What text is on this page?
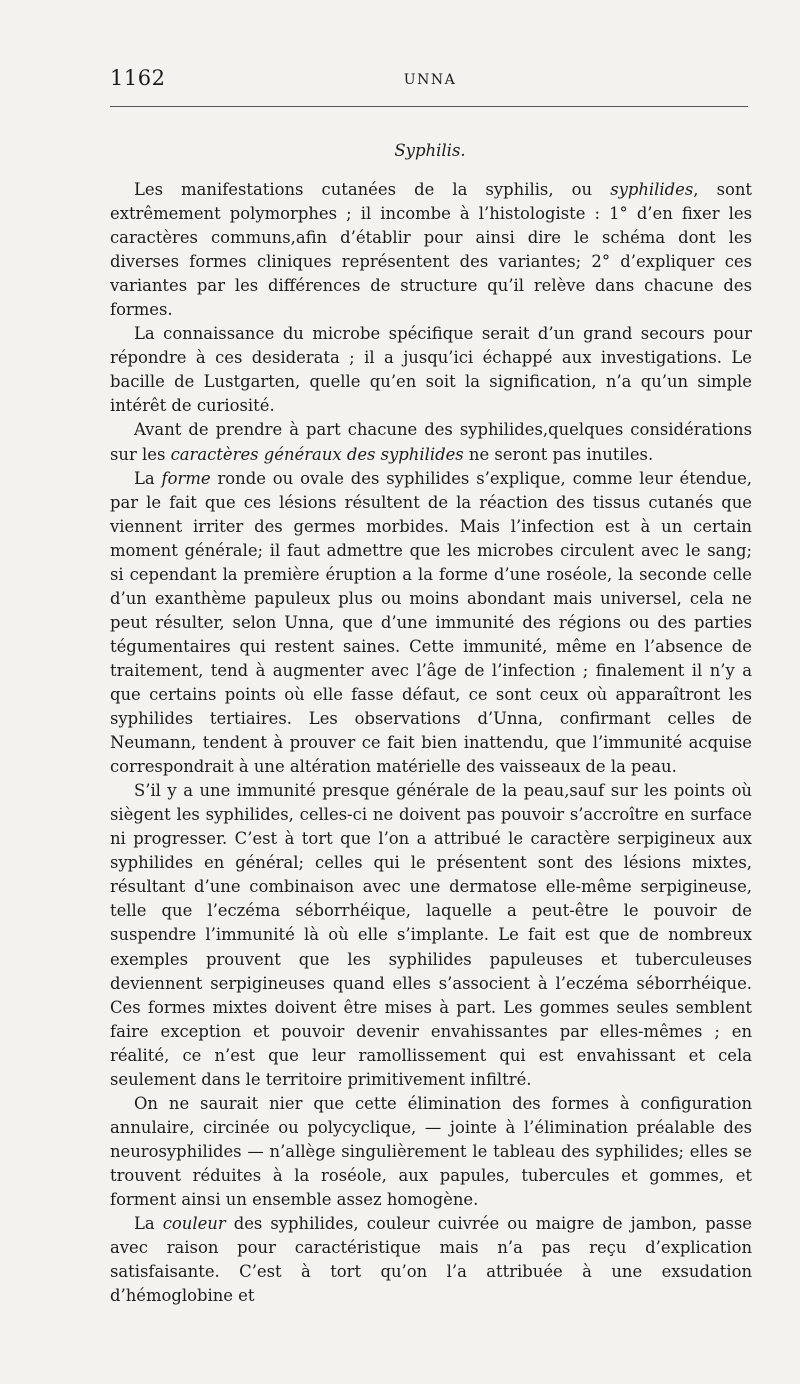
1162	UNNA
Syphilis.

Les manifestations cutanées de la syphilis, ou syphilides, sont extrêmement polymorphes ; il incombe à l’histologiste : 1° d’en fixer les caractères communs,afin d’établir pour ainsi dire le schéma dont les diverses formes cliniques représentent des variantes; 2° d’expliquer ces variantes par les différences de structure qu’il relève dans chacune des formes.

La connaissance du microbe spécifique serait d’un grand secours pour répondre à ces desiderata ; il a jusqu’ici échappé aux investigations. Le bacille de Lustgarten, quelle qu’en soit la signification, n’a qu’un simple intérêt de curiosité.

Avant de prendre à part chacune des syphilides,quelques considérations sur les caractères généraux des syphilides ne seront pas inutiles.

La forme ronde ou ovale des syphilides s’explique, comme leur étendue, par le fait que ces lésions résultent de la réaction des tissus cutanés que viennent irriter des germes morbides. Mais l’infection est à un certain moment générale; il faut admettre que les microbes circulent avec le sang; si cependant la première éruption a la forme d’une roséole, la seconde celle d’un exanthème papuleux plus ou moins abondant mais universel, cela ne peut résulter, selon Unna, que d’une immunité des régions ou des parties tégumentaires qui restent saines. Cette immunité, même en l’absence de traitement, tend à augmenter avec l’âge de l’infection ; finalement il n’y a que certains points où elle fasse défaut, ce sont ceux où apparaîtront les syphilides tertiaires. Les observations d’Unna, confirmant celles de Neumann, tendent à prouver ce fait bien inattendu, que l’immunité acquise correspondrait à une altération matérielle des vaisseaux de la peau.

S’il y a une immunité presque générale de la peau,sauf sur les points où siègent les syphilides, celles-ci ne doivent pas pouvoir s’accroître en surface ni progresser. C’est à tort que l’on a attribué le caractère serpigineux aux syphilides en général; celles qui le présentent sont des lésions mixtes, résultant d’une combinaison avec une dermatose elle-même serpigineuse, telle que l’eczéma séborrhéique, laquelle a peut-être le pouvoir de suspendre l’immunité là où elle s’implante. Le fait est que de nombreux exemples prouvent que les syphilides papuleuses et tuberculeuses deviennent serpigineuses quand elles s’associent à l’eczéma séborrhéique. Ces formes mixtes doivent être mises à part. Les gommes seules semblent faire exception et pouvoir devenir envahissantes par elles-mêmes ; en réalité, ce n’est que leur ramollissement qui est envahissant et cela seulement dans le territoire primitivement infiltré.

On ne saurait nier que cette élimination des formes à configuration annulaire, circinée ou polycyclique, — jointe à l’élimination préalable des neurosyphilides — n’allège singulièrement le tableau des syphilides; elles se trouvent réduites à la roséole, aux papules, tubercules et gommes, et forment ainsi un ensemble assez homogène.

La couleur des syphilides, couleur cuivrée ou maigre de jambon, passe avec raison pour caractéristique mais n’a pas reçu d’explication satisfaisante. C’est à tort qu’on l’a attribuée à une exsudation d’hémoglobine et
